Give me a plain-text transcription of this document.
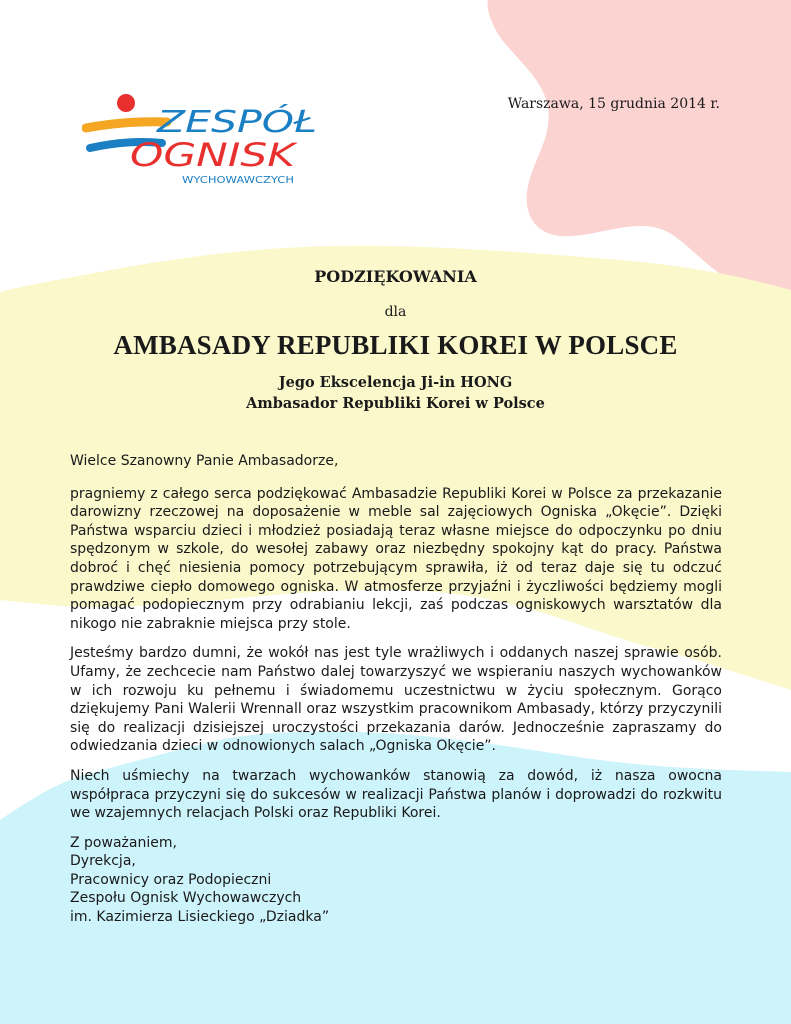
ZESPÓŁ
OGNISK
WYCHOWAWCZYCH
Warszawa, 15 grudnia 2014 r.
PODZIĘKOWANIA
dla
AMBASADY REPUBLIKI KOREI W POLSCE
Jego Ekscelencja Ji-in HONG
Ambasador Republiki Korei w Polsce

Wielce Szanowny Panie Ambasadorze,

pragniemy z całego serca podziękować Ambasadzie Republiki Korei w Polsce za przekazanie darowizny rzeczowej na doposażenie w meble sal zajęciowych Ogniska „Okęcie”. Dzięki Państwa wsparciu dzieci i młodzież posiadają teraz własne miejsce do odpoczynku po dniu spędzonym w szkole, do wesołej zabawy oraz niezbędny spokojny kąt do pracy. Państwa dobroć i chęć niesienia pomocy potrzebującym sprawiła, iż od teraz daje się tu odczuć prawdziwe ciepło domowego ogniska. W atmosferze przyjaźni i życzliwości będziemy mogli pomagać podopiecznym przy odrabianiu lekcji, zaś podczas ogniskowych warsztatów dla nikogo nie zabraknie miejsca przy stole.

Jesteśmy bardzo dumni, że wokół nas jest tyle wrażliwych i oddanych naszej sprawie osób. Ufamy, że zechcecie nam Państwo dalej towarzyszyć we wspieraniu naszych wychowanków w ich rozwoju ku pełnemu i świadomemu uczestnictwu w życiu społecznym. Gorąco dziękujemy Pani Walerii Wrennall oraz wszystkim pracownikom Ambasady, którzy przyczynili się do realizacji dzisiejszej uroczystości przekazania darów. Jednocześnie zapraszamy do odwiedzania dzieci w odnowionych salach „Ogniska Okęcie”.

Niech uśmiechy na twarzach wychowanków stanowią za dowód, iż nasza owocna współpraca przyczyni się do sukcesów w realizacji Państwa planów i doprowadzi do rozkwitu we wzajemnych relacjach Polski oraz Republiki Korei.

Z poważaniem,
Dyrekcja,
Pracownicy oraz Podopieczni
Zespołu Ognisk Wychowawczych
im. Kazimierza Lisieckiego „Dziadka”
